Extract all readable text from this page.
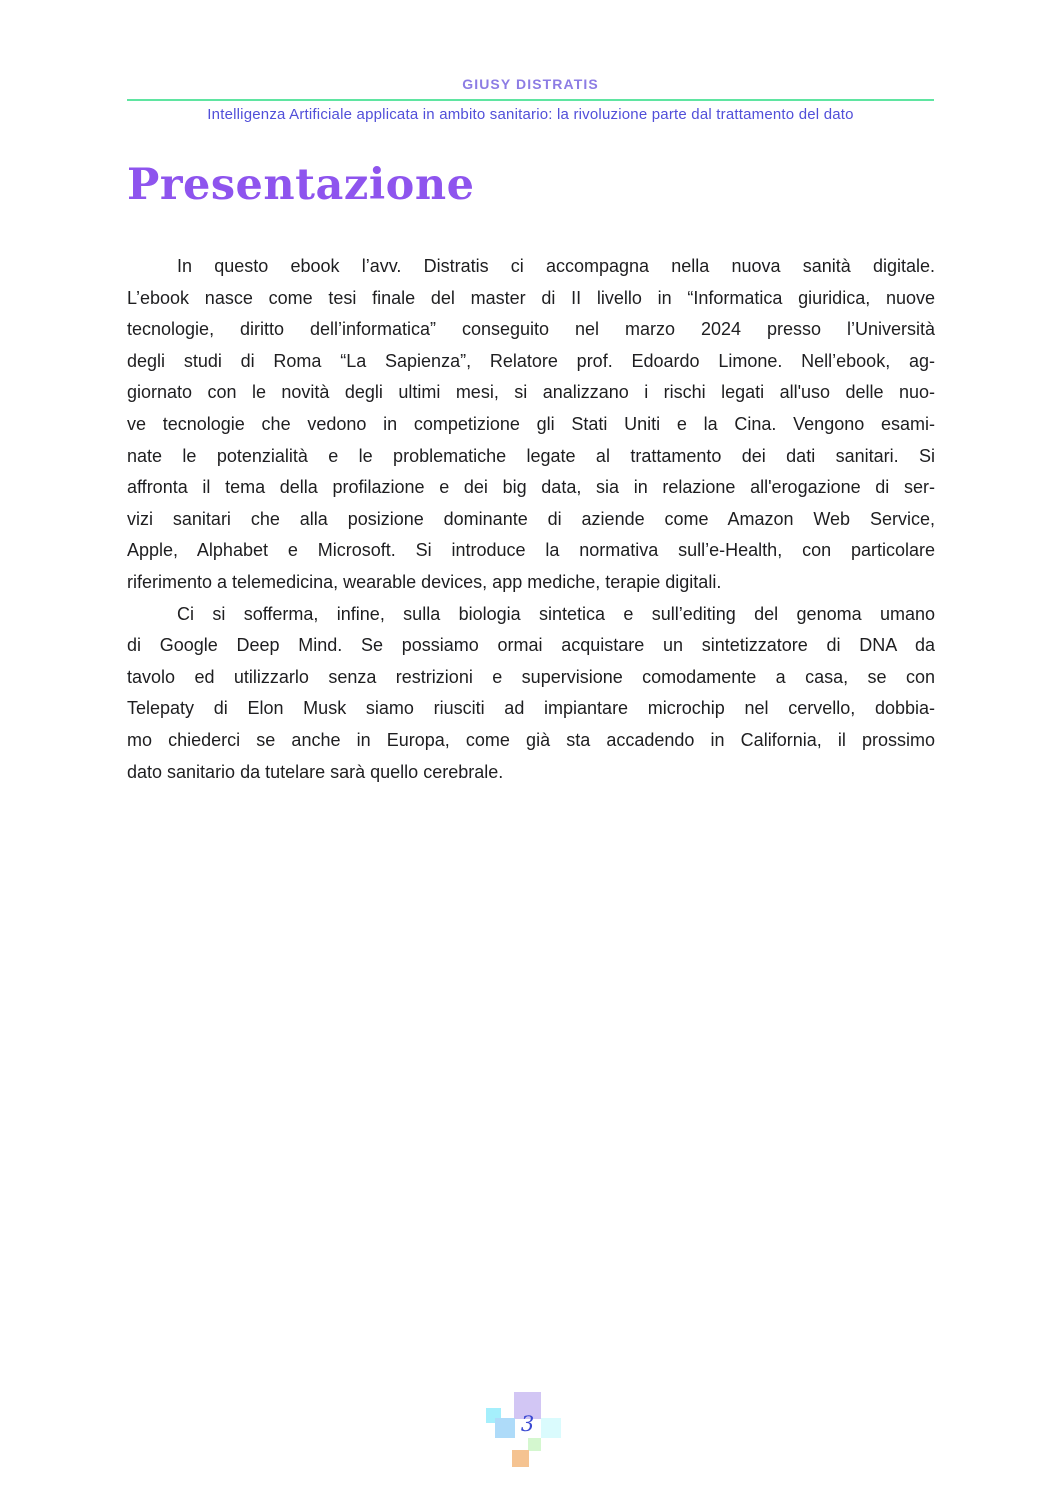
GIUSY DISTRATIS
Intelligenza Artificiale applicata in ambito sanitario: la rivoluzione parte dal trattamento del dato
Presentazione
In questo ebook l’avv. Distratis ci accompagna nella nuova sanità digitale.
L’ebook nasce come tesi finale del master di II livello in “Informatica giuridica, nuove
tecnologie, diritto dell’informatica” conseguito nel marzo 2024 presso l’Università
degli studi di Roma “La Sapienza”, Relatore prof. Edoardo Limone. Nell’ebook, ag-
giornato con le novità degli ultimi mesi, si analizzano i rischi legati all'uso delle nuo-
ve tecnologie che vedono in competizione gli Stati Uniti e la Cina. Vengono esami-
nate le potenzialità e le problematiche legate al trattamento dei dati sanitari. Si
affronta il tema della profilazione e dei big data, sia in relazione all'erogazione di ser-
vizi sanitari che alla posizione dominante di aziende come Amazon Web Service,
Apple, Alphabet e Microsoft. Si introduce la normativa sull’e-Health, con particolare
riferimento a telemedicina, wearable devices, app mediche, terapie digitali.
Ci si sofferma, infine, sulla biologia sintetica e sull’editing del genoma umano
di Google Deep Mind. Se possiamo ormai acquistare un sintetizzatore di DNA da
tavolo ed utilizzarlo senza restrizioni e supervisione comodamente a casa, se con
Telepaty di Elon Musk siamo riusciti ad impiantare microchip nel cervello, dobbia-
mo chiederci se anche in Europa, come già sta accadendo in California, il prossimo
dato sanitario da tutelare sarà quello cerebrale.
3
